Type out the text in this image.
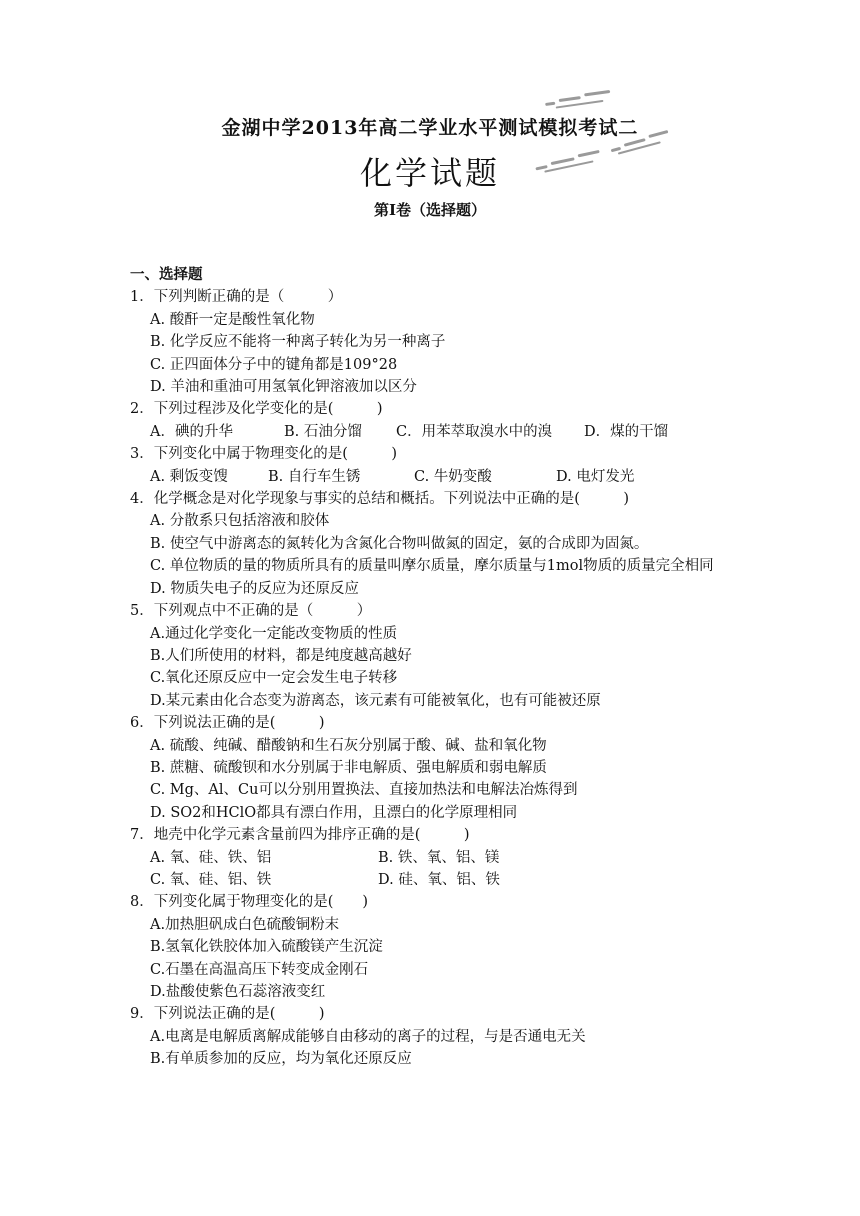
金湖中学2013年高二学业水平测试模拟考试二
化学试题
第Ⅰ卷（选择题）
一、选择题
1．下列判断正确的是（　　　）
A. 酸酐一定是酸性氧化物
B. 化学反应不能将一种离子转化为另一种离子
C. 正四面体分子中的键角都是109°28
D. 羊油和重油可用氢氧化钾溶液加以区分
2．下列过程涉及化学变化的是(　　　)
A．碘的升华	B. 石油分馏	C．用苯萃取溴水中的溴	D．煤的干馏
3．下列变化中属于物理变化的是(　　　)
A. 剩饭变馊	B. 自行车生锈	C. 牛奶变酸	D. 电灯发光
4．化学概念是对化学现象与事实的总结和概括。下列说法中正确的是(　　　)
A. 分散系只包括溶液和胶体
B. 使空气中游离态的氮转化为含氮化合物叫做氮的固定，氨的合成即为固氮。
C. 单位物质的量的物质所具有的质量叫摩尔质量，摩尔质量与1mol物质的质量完全相同
D. 物质失电子的反应为还原反应
5．下列观点中不正确的是（　　　）
A.通过化学变化一定能改变物质的性质
B.人们所使用的材料，都是纯度越高越好
C.氧化还原反应中一定会发生电子转移
D.某元素由化合态变为游离态，该元素有可能被氧化，也有可能被还原
6．下列说法正确的是(　　　)
A. 硫酸、纯碱、醋酸钠和生石灰分别属于酸、碱、盐和氧化物
B. 蔗糖、硫酸钡和水分别属于非电解质、强电解质和弱电解质
C. Mg、Al、Cu可以分别用置换法、直接加热法和电解法冶炼得到
D. SO2和HClO都具有漂白作用，且漂白的化学原理相同
7．地壳中化学元素含量前四为排序正确的是(　　　)
A. 氧、硅、铁、铝	B. 铁、氧、铝、镁
C. 氧、硅、铝、铁	D. 硅、氧、铝、铁
8．下列变化属于物理变化的是(　　)
A.加热胆矾成白色硫酸铜粉末
B.氢氧化铁胶体加入硫酸镁产生沉淀
C.石墨在高温高压下转变成金刚石
D.盐酸使紫色石蕊溶液变红
9．下列说法正确的是(　　　)
A.电离是电解质离解成能够自由移动的离子的过程，与是否通电无关
B.有单质参加的反应，均为氧化还原反应
